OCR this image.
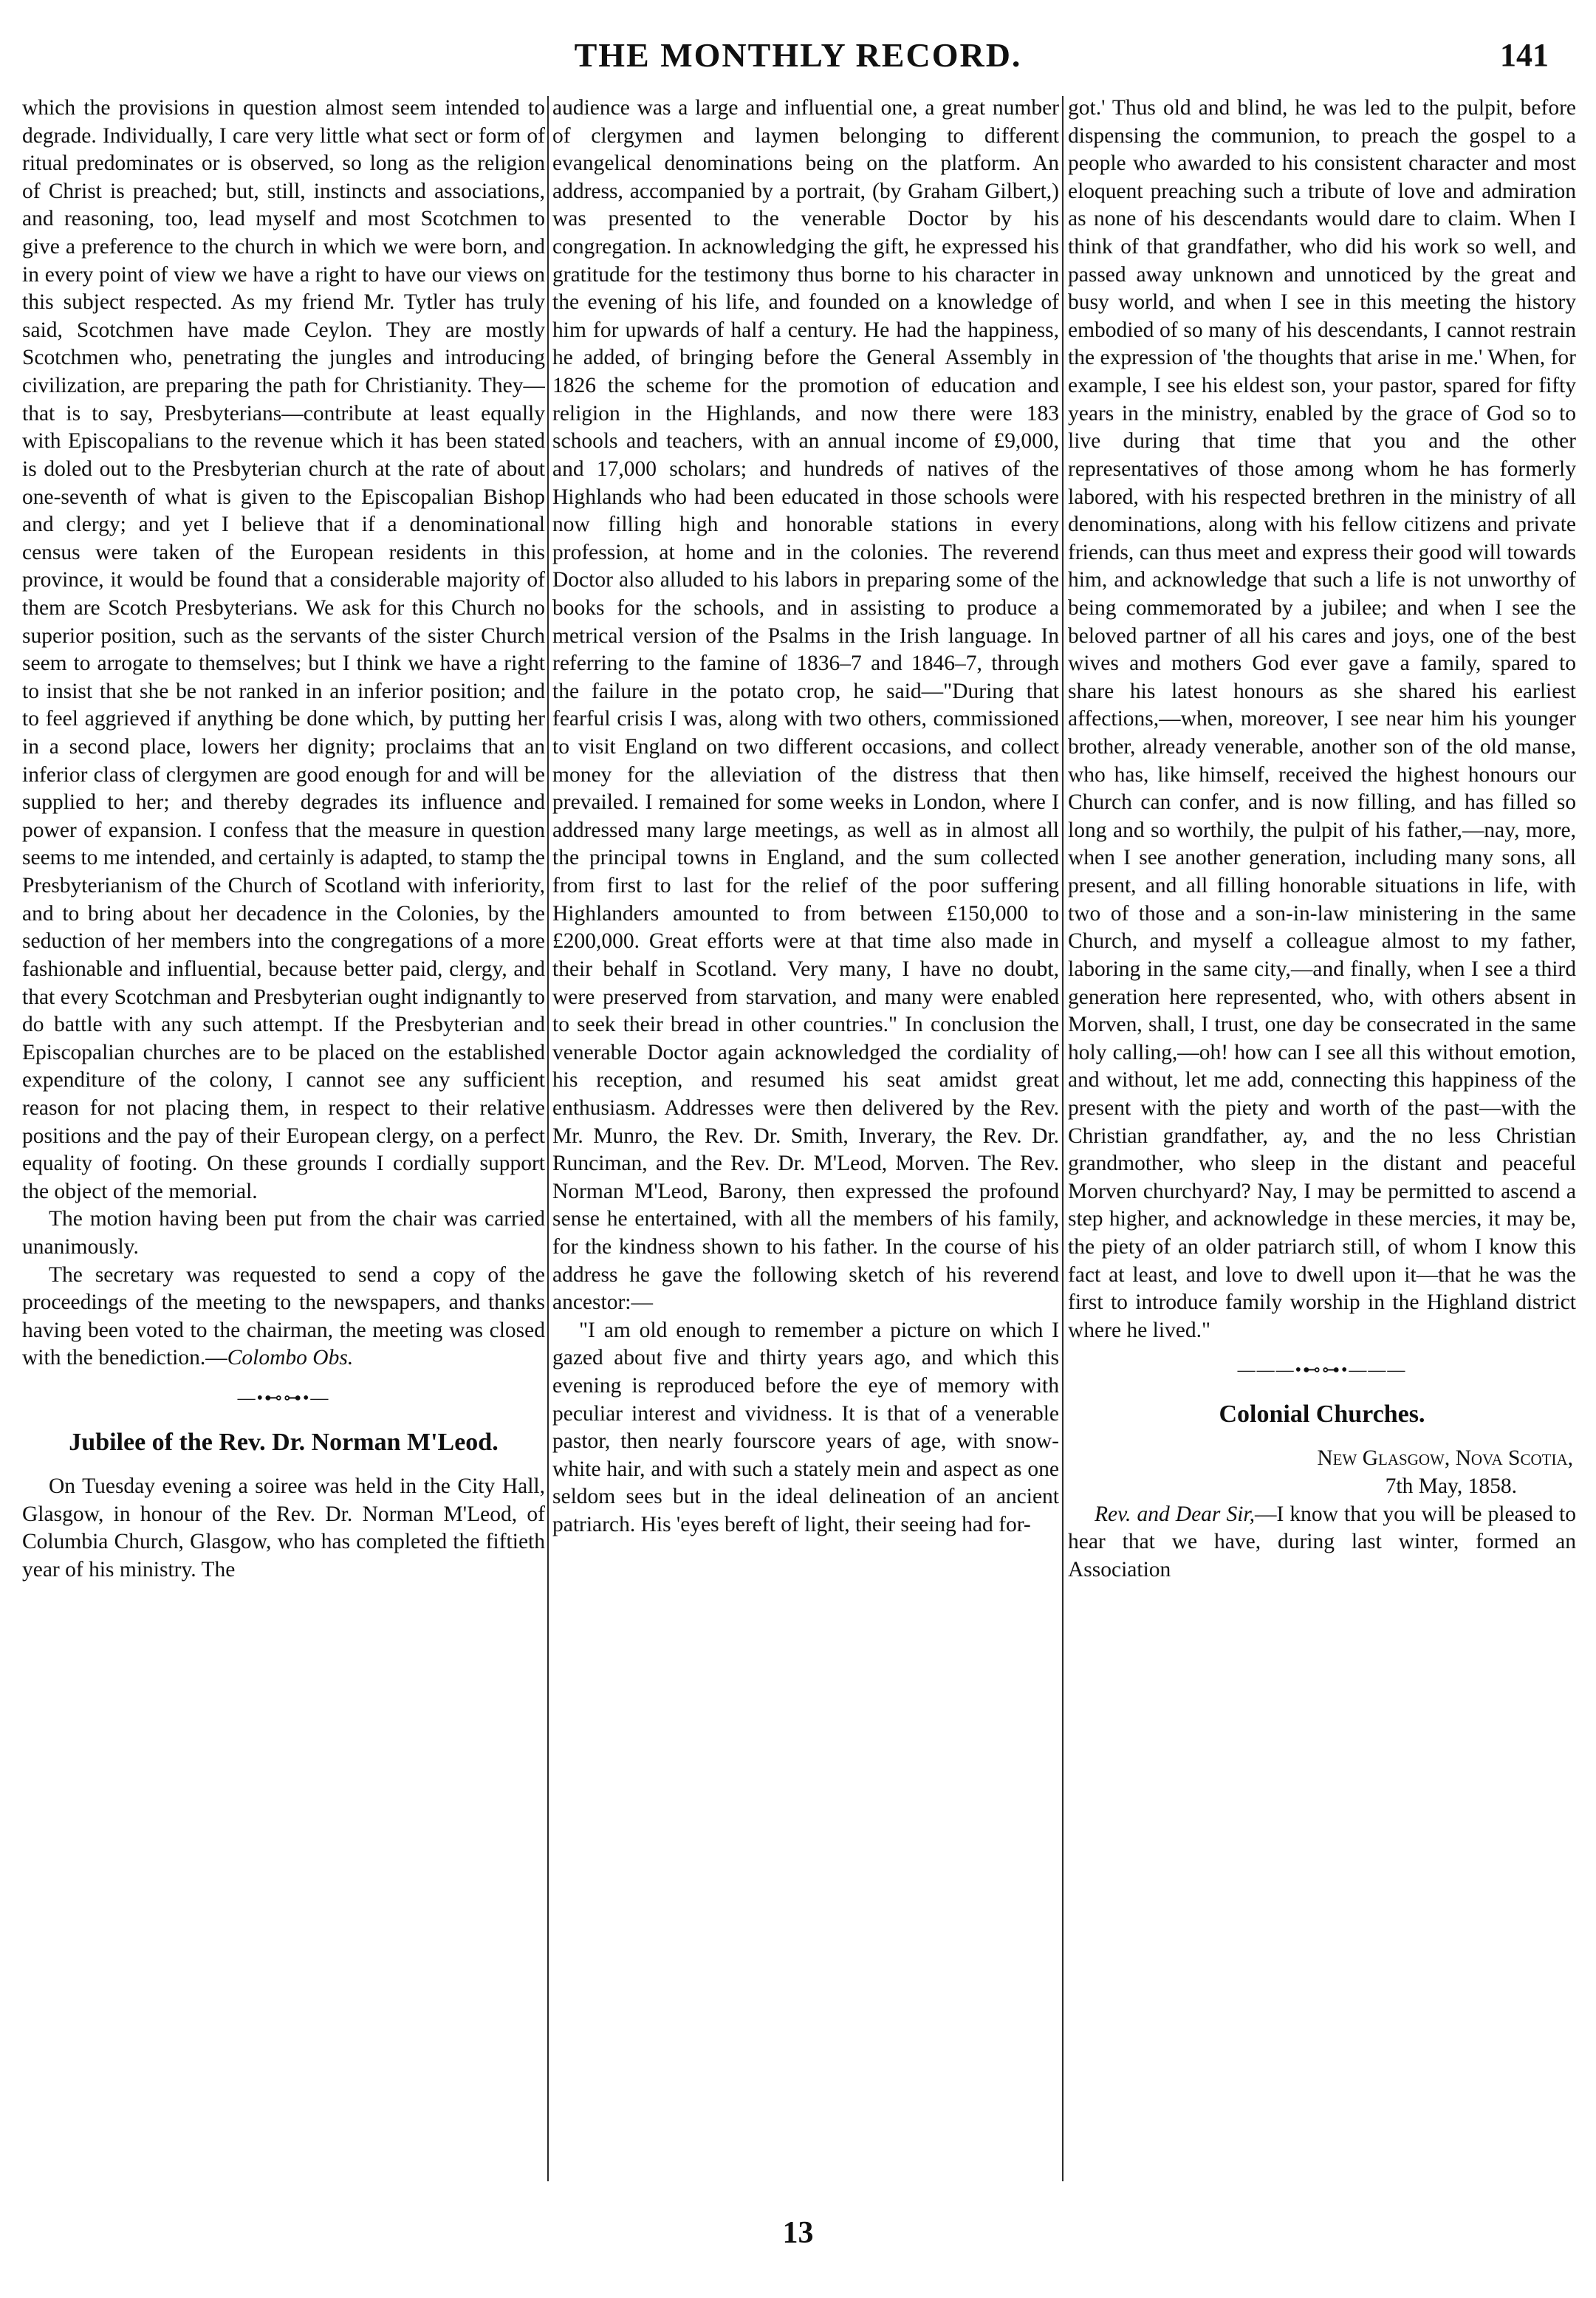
THE MONTHLY RECORD.	141

which the provisions in question almost seem intended to degrade. Individually, I care very little what sect or form of ritual predominates or is observed, so long as the religion of Christ is preached; but, still, instincts and associations, and reasoning, too, lead myself and most Scotchmen to give a preference to the church in which we were born, and in every point of view we have a right to have our views on this subject respected. As my friend Mr. Tytler has truly said, Scotchmen have made Ceylon. They are mostly Scotchmen who, penetrating the jungles and introducing civilization, are preparing the path for Christianity. They—that is to say, Presbyterians—contribute at least equally with Episcopalians to the revenue which it has been stated is doled out to the Presbyterian church at the rate of about one-seventh of what is given to the Episcopalian Bishop and clergy; and yet I believe that if a denominational census were taken of the European residents in this province, it would be found that a considerable majority of them are Scotch Presbyterians. We ask for this Church no superior position, such as the servants of the sister Church seem to arrogate to themselves; but I think we have a right to insist that she be not ranked in an inferior position; and to feel aggrieved if anything be done which, by putting her in a second place, lowers her dignity; proclaims that an inferior class of clergymen are good enough for and will be supplied to her; and thereby degrades its influence and power of expansion. I confess that the measure in question seems to me intended, and certainly is adapted, to stamp the Presbyterianism of the Church of Scotland with inferiority, and to bring about her decadence in the Colonies, by the seduction of her members into the congregations of a more fashionable and influential, because better paid, clergy, and that every Scotchman and Presbyterian ought indignantly to do battle with any such attempt. If the Presbyterian and Episcopalian churches are to be placed on the established expenditure of the colony, I cannot see any sufficient reason for not placing them, in respect to their relative positions and the pay of their European clergy, on a perfect equality of footing. On these grounds I cordially support the object of the memorial.

The motion having been put from the chair was carried unanimously.

The secretary was requested to send a copy of the proceedings of the meeting to the newspapers, and thanks having been voted to the chairman, the meeting was closed with the benediction.—Colombo Obs.

—•⊷⊶•—
Jubilee of the Rev. Dr. Norman M'Leod.

On Tuesday evening a soiree was held in the City Hall, Glasgow, in honour of the Rev. Dr. Norman M'Leod, of Columbia Church, Glasgow, who has completed the fiftieth year of his ministry. The

audience was a large and influential one, a great number of clergymen and laymen belonging to different evangelical denominations being on the platform. An address, accompanied by a portrait, (by Graham Gilbert,) was presented to the venerable Doctor by his congregation. In acknowledging the gift, he expressed his gratitude for the testimony thus borne to his character in the evening of his life, and founded on a knowledge of him for upwards of half a century. He had the happiness, he added, of bringing before the General Assembly in 1826 the scheme for the promotion of education and religion in the Highlands, and now there were 183 schools and teachers, with an annual income of £9,000, and 17,000 scholars; and hundreds of natives of the Highlands who had been educated in those schools were now filling high and honorable stations in every profession, at home and in the colonies. The reverend Doctor also alluded to his labors in preparing some of the books for the schools, and in assisting to produce a metrical version of the Psalms in the Irish language. In referring to the famine of 1836–7 and 1846–7, through the failure in the potato crop, he said—"During that fearful crisis I was, along with two others, commissioned to visit England on two different occasions, and collect money for the alleviation of the distress that then prevailed. I remained for some weeks in London, where I addressed many large meetings, as well as in almost all the principal towns in England, and the sum collected from first to last for the relief of the poor suffering Highlanders amounted to from between £150,000 to £200,000. Great efforts were at that time also made in their behalf in Scotland. Very many, I have no doubt, were preserved from starvation, and many were enabled to seek their bread in other countries." In conclusion the venerable Doctor again acknowledged the cordiality of his reception, and resumed his seat amidst great enthusiasm. Addresses were then delivered by the Rev. Mr. Munro, the Rev. Dr. Smith, Inverary, the Rev. Dr. Runciman, and the Rev. Dr. M'Leod, Morven. The Rev. Norman M'Leod, Barony, then expressed the profound sense he entertained, with all the members of his family, for the kindness shown to his father. In the course of his address he gave the following sketch of his reverend ancestor:—

"I am old enough to remember a picture on which I gazed about five and thirty years ago, and which this evening is reproduced before the eye of memory with peculiar interest and vividness. It is that of a venerable pastor, then nearly fourscore years of age, with snow-white hair, and with such a stately mein and aspect as one seldom sees but in the ideal delineation of an ancient patriarch. His 'eyes bereft of light, their seeing had for-

got.' Thus old and blind, he was led to the pulpit, before dispensing the communion, to preach the gospel to a people who awarded to his consistent character and most eloquent preaching such a tribute of love and admiration as none of his descendants would dare to claim. When I think of that grandfather, who did his work so well, and passed away unknown and unnoticed by the great and busy world, and when I see in this meeting the history embodied of so many of his descendants, I cannot restrain the expression of 'the thoughts that arise in me.' When, for example, I see his eldest son, your pastor, spared for fifty years in the ministry, enabled by the grace of God so to live during that time that you and the other representatives of those among whom he has formerly labored, with his respected brethren in the ministry of all denominations, along with his fellow citizens and private friends, can thus meet and express their good will towards him, and acknowledge that such a life is not unworthy of being commemorated by a jubilee; and when I see the beloved partner of all his cares and joys, one of the best wives and mothers God ever gave a family, spared to share his latest honours as she shared his earliest affections,—when, moreover, I see near him his younger brother, already venerable, another son of the old manse, who has, like himself, received the highest honours our Church can confer, and is now filling, and has filled so long and so worthily, the pulpit of his father,—nay, more, when I see another generation, including many sons, all present, and all filling honorable situations in life, with two of those and a son-in-law ministering in the same Church, and myself a colleague almost to my father, laboring in the same city,—and finally, when I see a third generation here represented, who, with others absent in Morven, shall, I trust, one day be consecrated in the same holy calling,—oh! how can I see all this without emotion, and without, let me add, connecting this happiness of the present with the piety and worth of the past—with the Christian grandfather, ay, and the no less Christian grandmother, who sleep in the distant and peaceful Morven churchyard? Nay, I may be permitted to ascend a step higher, and acknowledge in these mercies, it may be, the piety of an older patriarch still, of whom I know this fact at least, and love to dwell upon it—that he was the first to introduce family worship in the Highland district where he lived."

———•⊷⊶•———
Colonial Churches.
New Glasgow, Nova Scotia,
7th May, 1858.

Rev. and Dear Sir,—I know that you will be pleased to hear that we have, during last winter, formed an Association

13
